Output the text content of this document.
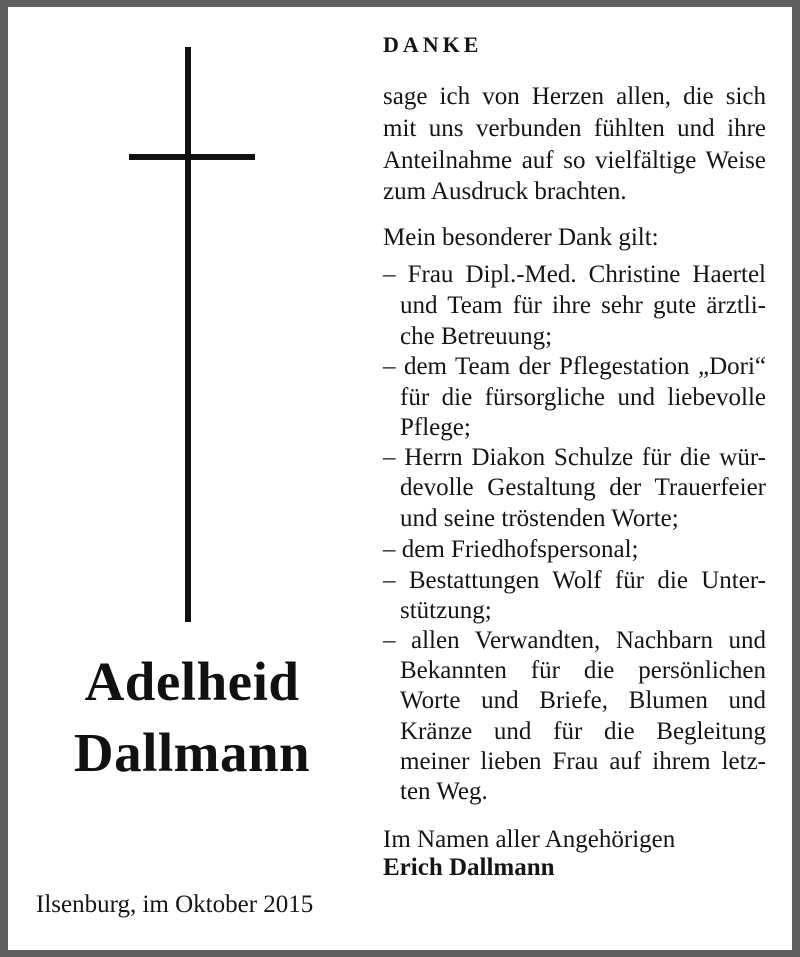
Adelheid
Dallmann
Ilsenburg, im Oktober 2015
DANKE
sage ich von Herzen allen, die sich
mit uns verbunden fühlten und ihre
Anteilnahme auf so vielfältige Weise
zum Ausdruck brachten.
Mein besonderer Dank gilt:
– Frau Dipl.-Med. Christine Haertel
und Team für ihre sehr gute ärztli-
che Betreuung;
– dem Team der Pflegestation „Dori“
für die fürsorgliche und liebevolle
Pflege;
– Herrn Diakon Schulze für die wür-
devolle Gestaltung der Trauerfeier
und seine tröstenden Worte;
– dem Friedhofspersonal;
– Bestattungen Wolf für die Unter-
stützung;
– allen Verwandten, Nachbarn und
Bekannten für die persönlichen
Worte und Briefe, Blumen und
Kränze und für die Begleitung
meiner lieben Frau auf ihrem letz-
ten Weg.
Im Namen aller Angehörigen
Erich Dallmann
